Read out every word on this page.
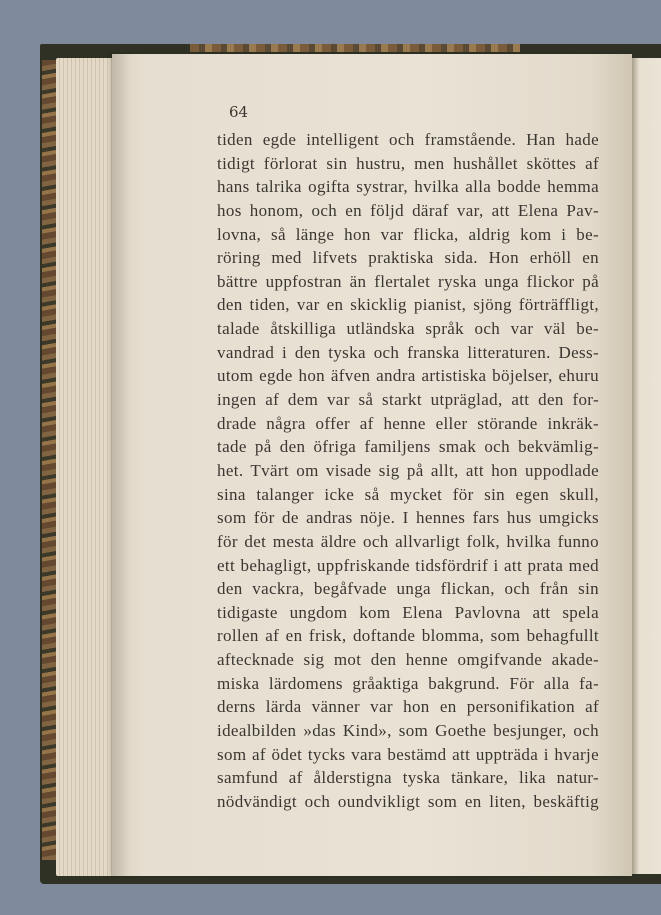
64
tiden egde intelligent och framstående. Han hade
tidigt förlorat sin hustru, men hushållet sköttes af
hans talrika ogifta systrar, hvilka alla bodde hemma
hos honom, och en följd däraf var, att Elena Pav-
lovna, så länge hon var flicka, aldrig kom i be-
röring med lifvets praktiska sida. Hon erhöll en
bättre uppfostran än flertalet ryska unga flickor på
den tiden, var en skicklig pianist, sjöng förträffligt,
talade åtskilliga utländska språk och var väl be-
vandrad i den tyska och franska litteraturen. Dess-
utom egde hon äfven andra artistiska böjelser, ehuru
ingen af dem var så starkt utpräglad, att den for-
drade några offer af henne eller störande inkräk-
tade på den öfriga familjens smak och bekvämlig-
het. Tvärt om visade sig på allt, att hon uppodlade
sina talanger icke så mycket för sin egen skull,
som för de andras nöje. I hennes fars hus umgicks
för det mesta äldre och allvarligt folk, hvilka funno
ett behagligt, uppfriskande tidsfördrif i att prata med
den vackra, begåfvade unga flickan, och från sin
tidigaste ungdom kom Elena Pavlovna att spela
rollen af en frisk, doftande blomma, som behagfullt
aftecknade sig mot den henne omgifvande akade-
miska lärdomens gråaktiga bakgrund. För alla fa-
derns lärda vänner var hon en personifikation af
idealbilden »das Kind», som Goethe besjunger, och
som af ödet tycks vara bestämd att uppträda i hvarje
samfund af ålderstigna tyska tänkare, lika natur-
nödvändigt och oundvikligt som en liten, beskäftig
